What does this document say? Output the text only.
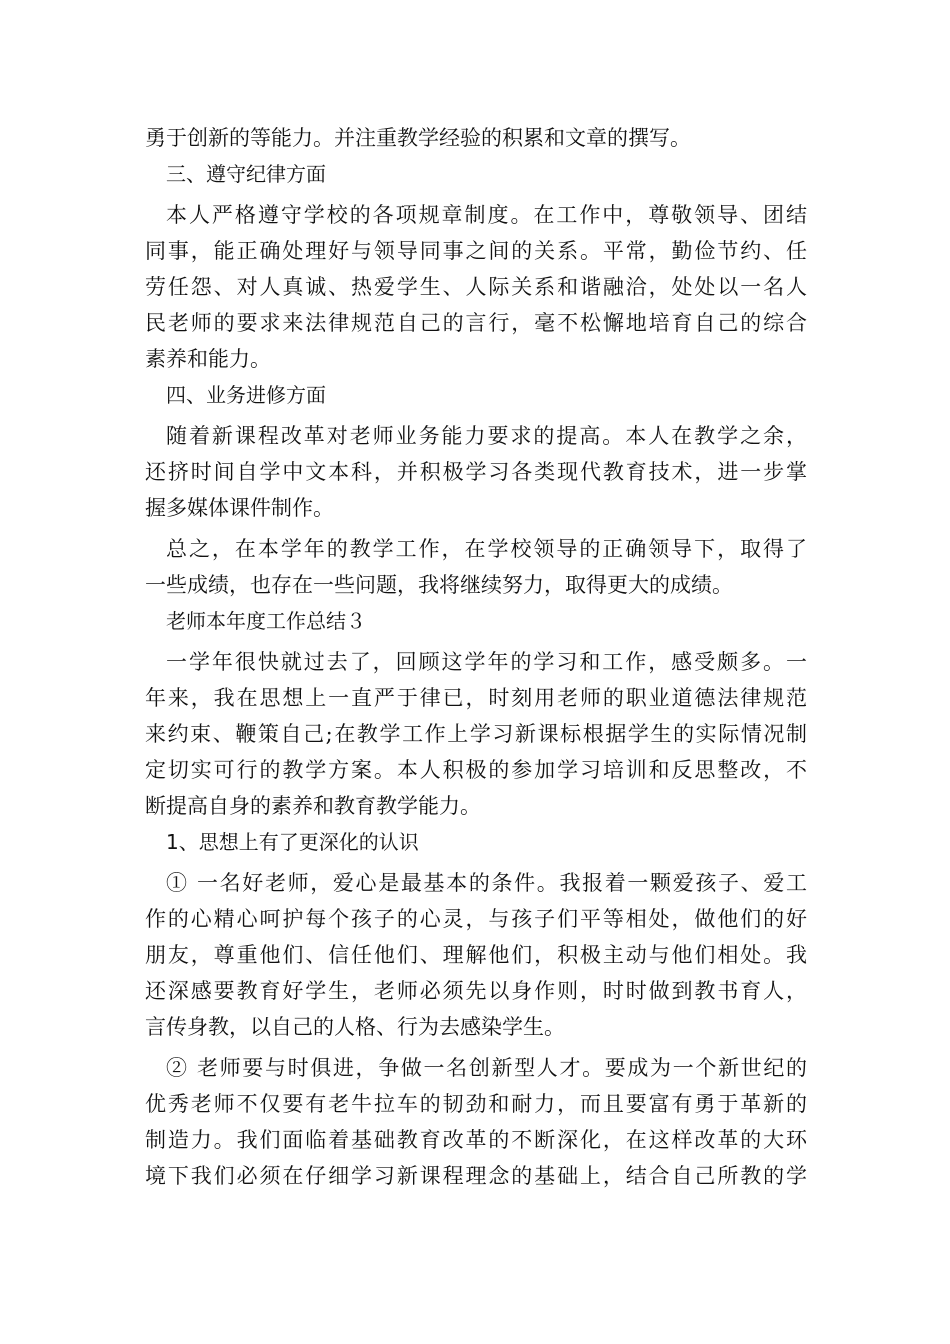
勇于创新的等能力。并注重教学经验的积累和文章的撰写。
三、遵守纪律方面
本人严格遵守学校的各项规章制度。在工作中，尊敬领导、团结
同事，能正确处理好与领导同事之间的关系。平常，勤俭节约、任
劳任怨、对人真诚、热爱学生、人际关系和谐融洽，处处以一名人
民老师的要求来法律规范自己的言行，毫不松懈地培育自己的综合
素养和能力。
四、业务进修方面
随着新课程改革对老师业务能力要求的提高。本人在教学之余，
还挤时间自学中文本科，并积极学习各类现代教育技术，进一步掌
握多媒体课件制作。
总之，在本学年的教学工作，在学校领导的正确领导下，取得了
一些成绩，也存在一些问题，我将继续努力，取得更大的成绩。
老师本年度工作总结３
一学年很快就过去了，回顾这学年的学习和工作，感受颇多。一
年来，我在思想上一直严于律已，时刻用老师的职业道德法律规范
来约束、鞭策自己;在教学工作上学习新课标根据学生的实际情况制
定切实可行的教学方案。本人积极的参加学习培训和反思整改，不
断提高自身的素养和教育教学能力。
1、思想上有了更深化的认识
① 一名好老师，爱心是最基本的条件。我报着一颗爱孩子、爱工
作的心精心呵护每个孩子的心灵，与孩子们平等相处，做他们的好
朋友，尊重他们、信任他们、理解他们，积极主动与他们相处。我
还深感要教育好学生，老师必须先以身作则，时时做到教书育人，
言传身教，以自己的人格、行为去感染学生。
② 老师要与时俱进，争做一名创新型人才。要成为一个新世纪的
优秀老师不仅要有老牛拉车的韧劲和耐力，而且要富有勇于革新的
制造力。我们面临着基础教育改革的不断深化，在这样改革的大环
境下我们必须在仔细学习新课程理念的基础上，结合自己所教的学
